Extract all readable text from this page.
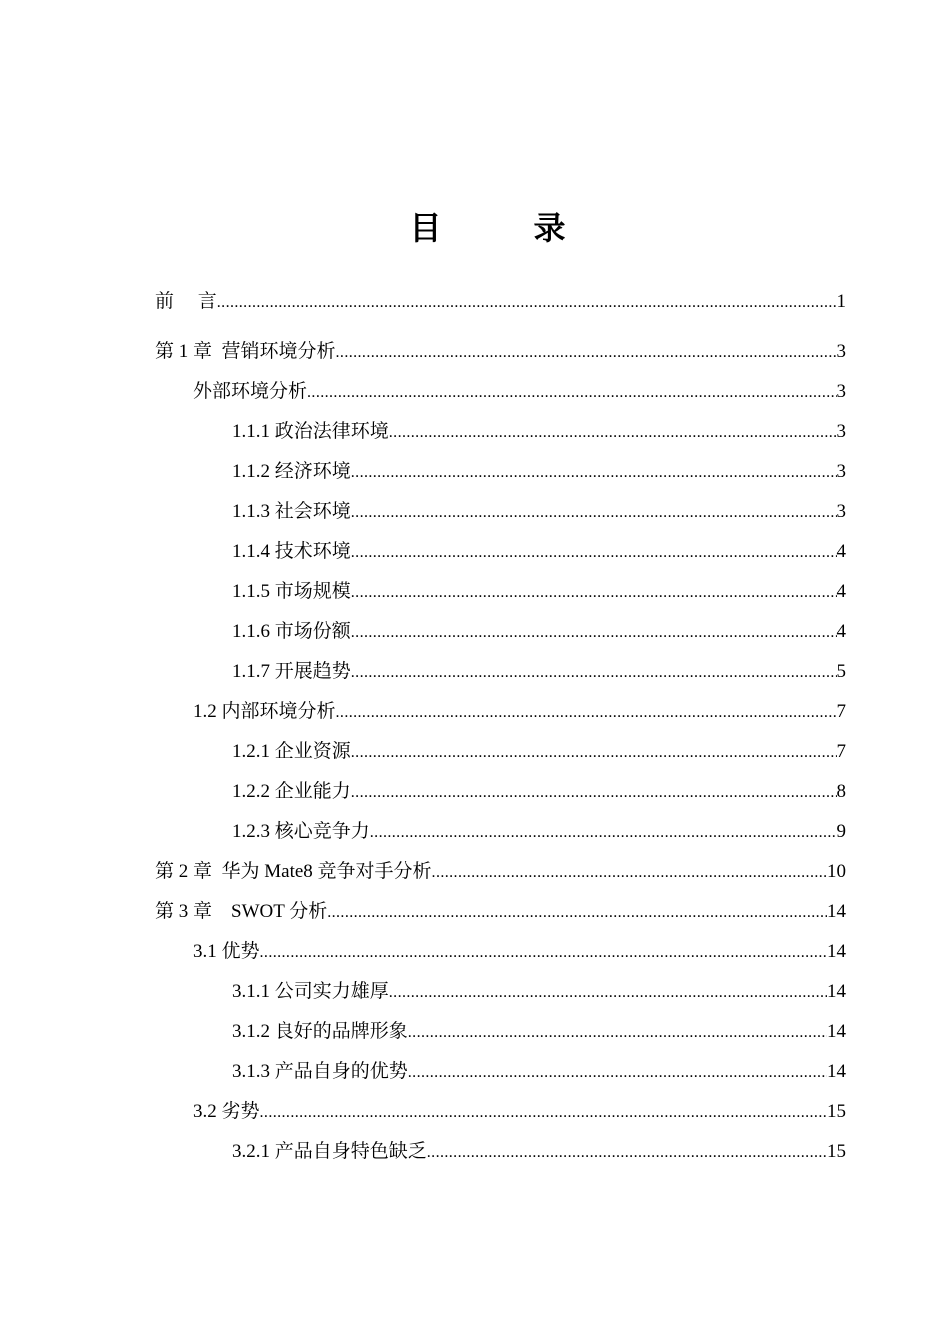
目　录
前　 言 .....	1
第 1 章  营销环境分析 .....	3
外部环境分析 .....	3
1.1.1 政治法律环境 .....	3
1.1.2 经济环境 .....	3
1.1.3 社会环境 .....	3
1.1.4 技术环境 .....	4
1.1.5 市场规模 .....	4
1.1.6 市场份额 .....	4
1.1.7 开展趋势 .....	5
1.2 内部环境分析 .....	7
1.2.1 企业资源 .....	7
1.2.2 企业能力 .....	8
1.2.3 核心竞争力 .....	9
第 2 章  华为 Mate8 竞争对手分析 .....	10
第 3 章    SWOT 分析 .....	14
3.1 优势 .....	14
3.1.1 公司实力雄厚 .....	14
3.1.2 良好的品牌形象 .....	14
3.1.3 产品自身的优势 .....	14
3.2 劣势 .....	15
3.2.1 产品自身特色缺乏 .....	15
